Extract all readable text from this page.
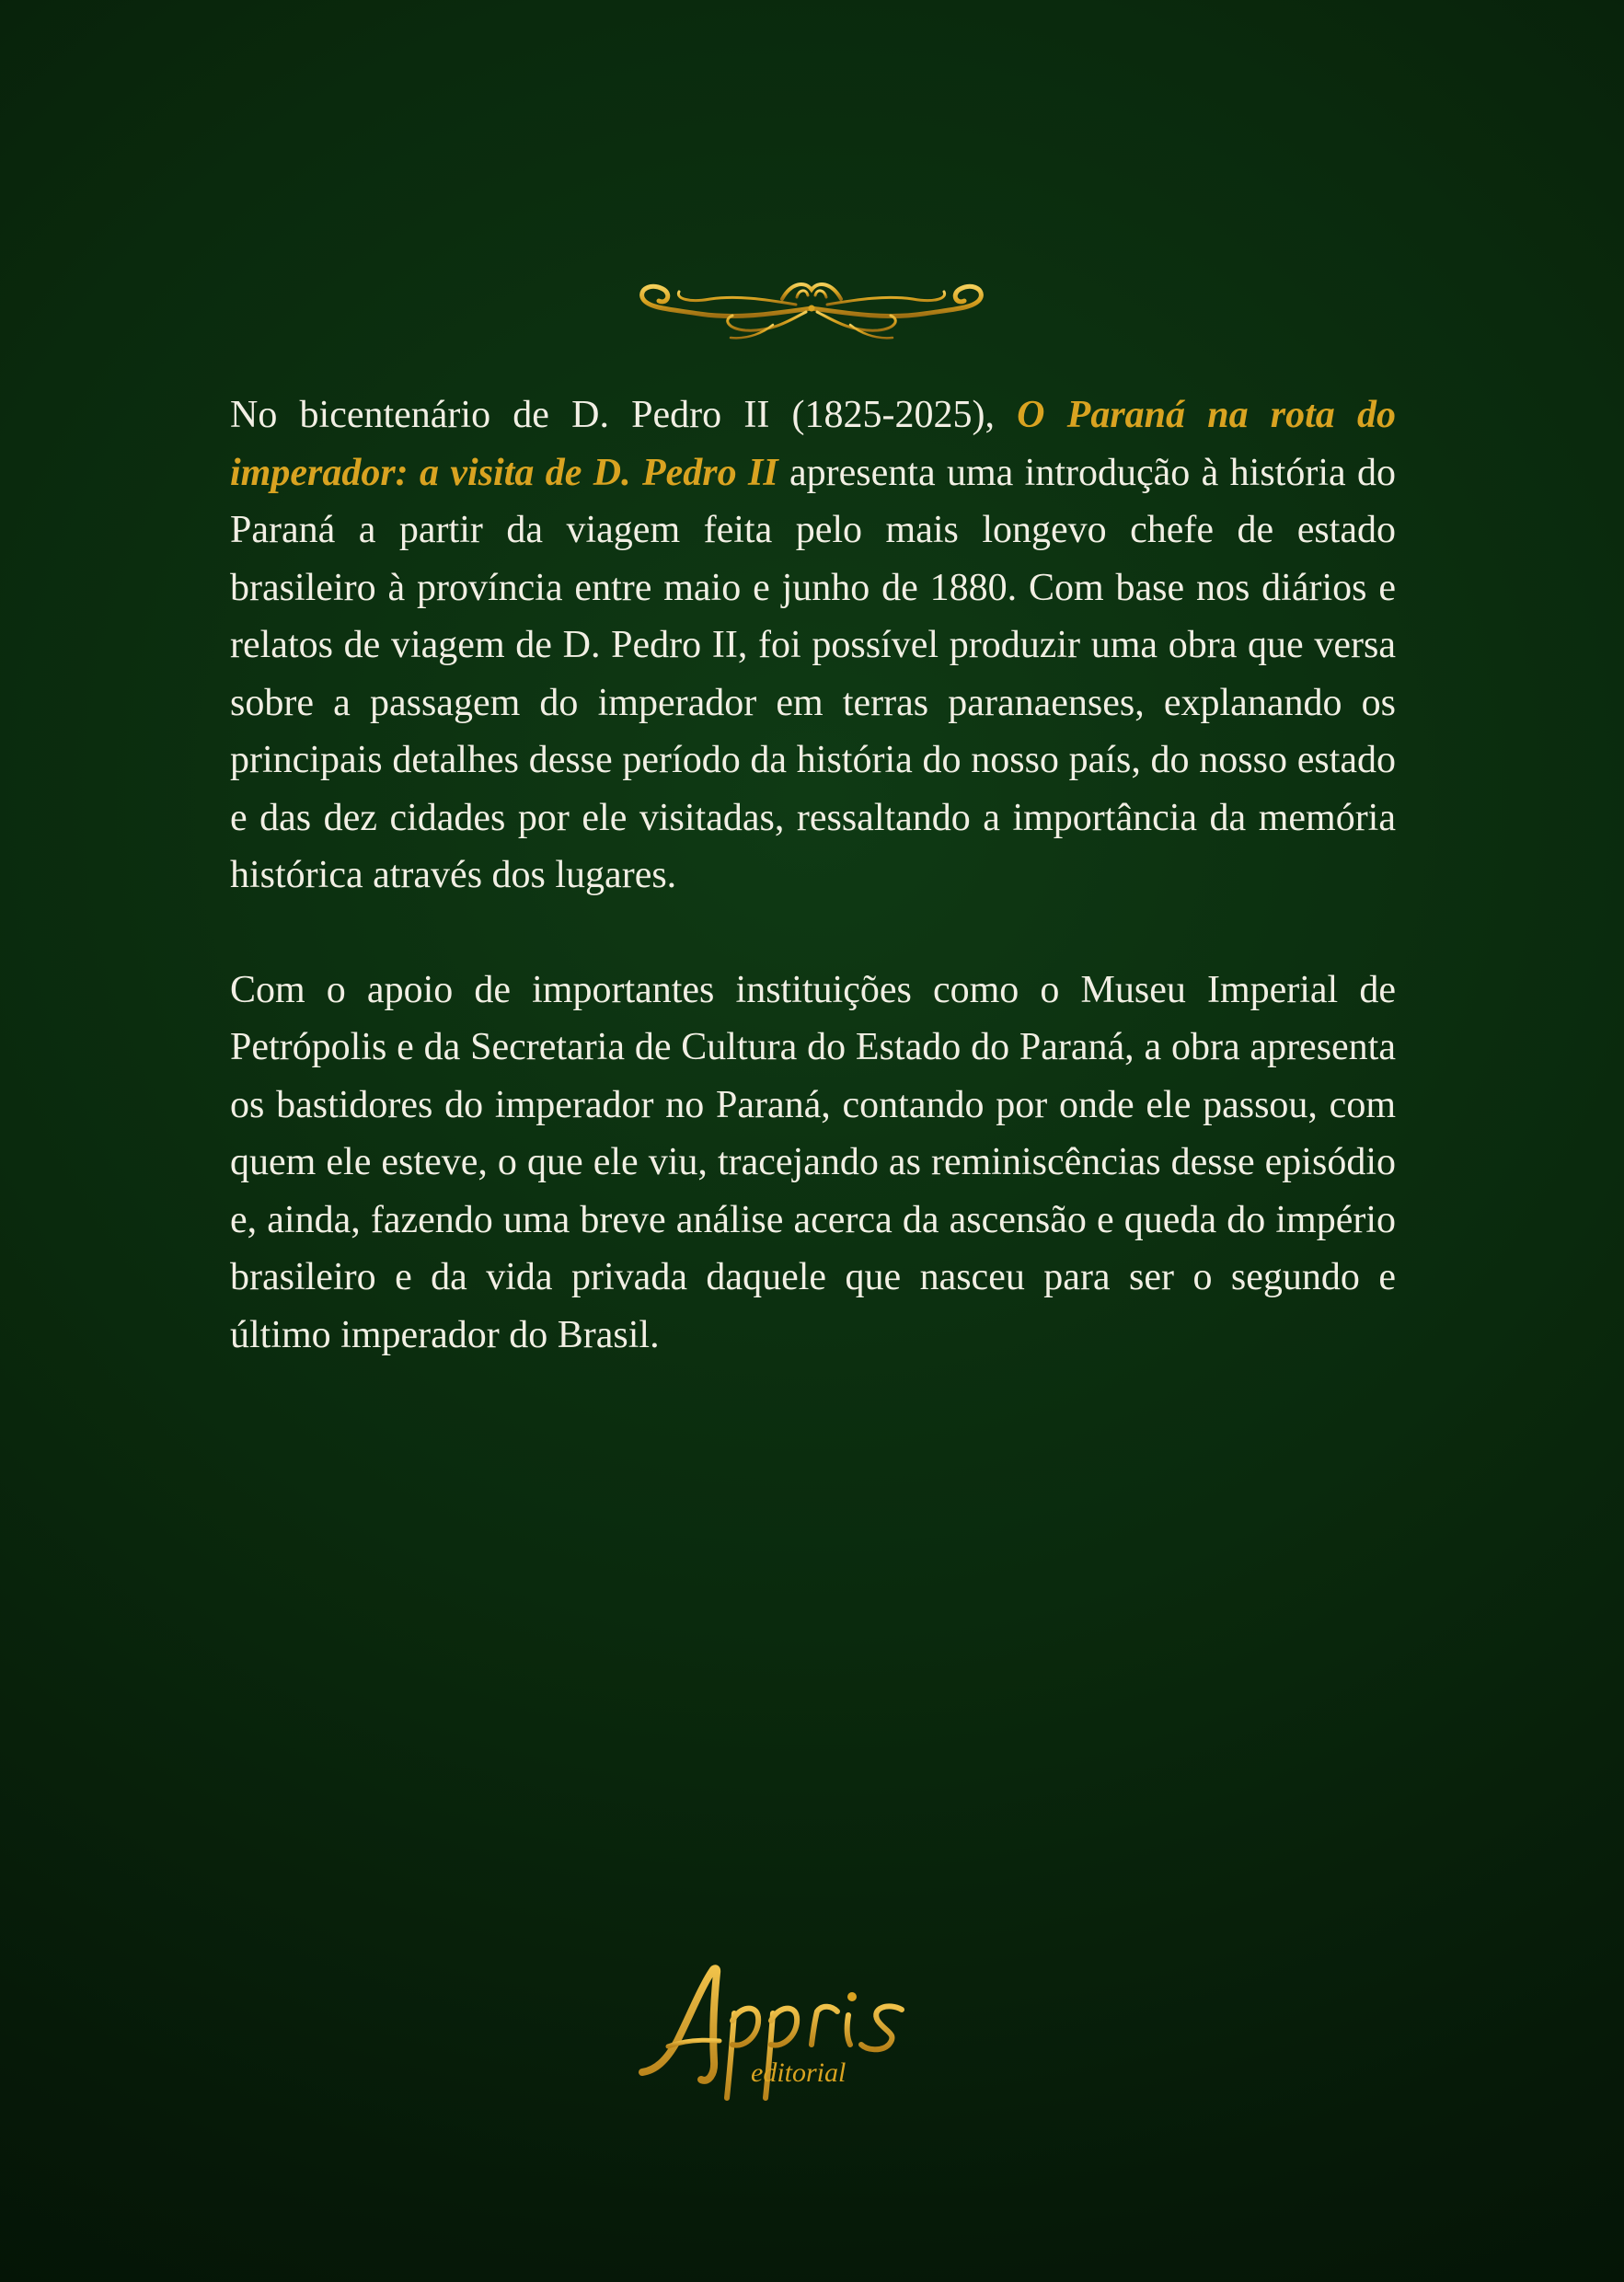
No bicentenário de D. Pedro II (1825-2025), O Paraná na rota do imperador: a visita de D. Pedro II apresenta uma introdução à história do Paraná a partir da viagem feita pelo mais longevo chefe de estado brasileiro à província entre maio e junho de 1880. Com base nos diários e relatos de viagem de D. Pedro II, foi possível produzir uma obra que versa sobre a passagem do imperador em terras paranaenses, explanando os principais detalhes desse período da história do nosso país, do nosso estado e das dez cidades por ele visitadas, ressaltando a importância da memória histórica através dos lugares.

Com o apoio de importantes instituições como o Museu Imperial de Petrópolis e da Secretaria de Cultura do Estado do Paraná, a obra apresenta os bastidores do imperador no Paraná, contando por onde ele passou, com quem ele esteve, o que ele viu, tracejando as reminiscências desse episódio e, ainda, fazendo uma breve análise acerca da ascensão e queda do império brasileiro e da vida privada daquele que nasceu para ser o segundo e último imperador do Brasil.

editorial
